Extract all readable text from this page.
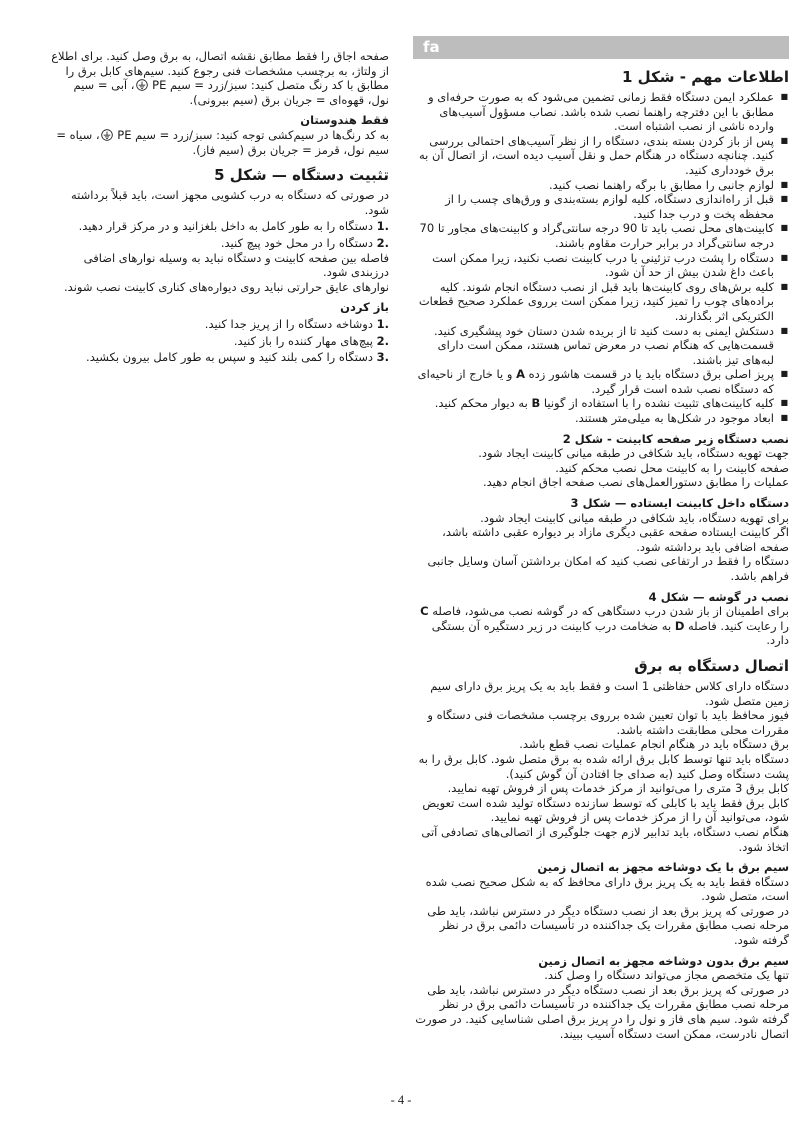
fa
اطلاعات مهم - شکل 1
■
عملکرد ایمن دستگاه فقط زمانی تضمین می‌شود که به صورت حرفه‌ای و مطابق با این دفترچه راهنما نصب شده باشد. نصاب مسؤول آسیب‌های وارده ناشی از نصب اشتباه است.
■
پس از باز کردن بسته بندی، دستگاه را از نظر آسیب‌های احتمالی بررسی کنید. چنانچه دستگاه در هنگام حمل و نقل آسیب دیده است، از اتصال آن به برق خودداری کنید.
■
لوازم جانبی را مطابق با برگه راهنما نصب کنید.
■
قبل از راه‌اندازی دستگاه، کلیه لوازم بسته‌بندی و ورق‌های چسب را از محفظه پخت و درب جدا کنید.
■
کابینت‌های محل نصب باید تا 90 درجه سانتی‌گراد و کابینت‌های مجاور تا 70 درجه سانتی‌گراد در برابر حرارت مقاوم باشند.
■
دستگاه را پشت درب تزئینی یا درب کابینت نصب نکنید، زیرا ممکن است باعث داغ شدن بیش از حد آن شود.
■
کلیه برش‌های روی کابینت‌ها باید قبل از نصب دستگاه انجام شوند. کلیه براده‌های چوب را تمیز کنید، زیرا ممکن است برروی عملکرد صحیح قطعات الکتریکی اثر بگذارند.
■
دستکش ایمنی به دست کنید تا از بریده شدن دستان خود پیشگیری کنید. قسمت‌هایی که هنگام نصب در معرض تماس هستند، ممکن است دارای لبه‌های تیز باشند.
■
پریز اصلی برق دستگاه باید یا در قسمت هاشور زده A و یا خارج از ناحیه‌ای که دستگاه نصب شده است قرار گیرد.
■
کلیه کابینت‌های تثبیت نشده را با استفاده از گونیا B به دیوار محکم کنید.
■
ابعاد موجود در شکل‌ها به میلی‌متر هستند.
نصب دستگاه زیر صفحه کابینت - شکل 2
جهت تهویه دستگاه، باید شکافی در طبقه میانی کابینت ایجاد شود.
صفحه کابینت را به کابینت محل نصب محکم کنید.
عملیات را مطابق دستورالعمل‌های نصب صفحه اجاق انجام دهید.
دستگاه داخل کابینت ایستاده — شکل 3
برای تهویه دستگاه، باید شکافی در طبقه میانی کابینت ایجاد شود.
اگر کابینت ایستاده صفحه عقبی دیگری مازاد بر دیواره عقبی داشته باشد، صفحه اضافی باید برداشته شود.
دستگاه را فقط در ارتفاعی نصب کنید که امکان برداشتن آسان وسایل جانبی فراهم باشد.
نصب در گوشه — شکل 4
برای اطمینان از باز شدن درب دستگاهی که در گوشه نصب می‌شود، فاصله C را رعایت کنید. فاصله D به ضخامت درب کابینت در زیر دستگیره آن بستگی دارد.
اتصال دستگاه به برق
دستگاه دارای کلاس حفاظتی 1 است و فقط باید به یک پریز برق دارای سیم زمین متصل شود.
فیوز محافظ باید با توان تعیین شده برروی برچسب مشخصات فنی دستگاه و مقررات محلی مطابقت داشته باشد.
برق دستگاه باید در هنگام انجام عملیات نصب قطع باشد.
دستگاه باید تنها توسط کابل برق ارائه شده به برق متصل شود. کابل برق را به پشت دستگاه وصل کنید (به صدای جا افتادن آن گوش کنید).
کابل برق 3 متری را می‌توانید از مرکز خدمات پس از فروش تهیه نمایید.
کابل برق فقط باید با کابلی که توسط سازنده دستگاه تولید شده است تعویض شود، می‌توانید آن را از مرکز خدمات پس از فروش تهیه نمایید.
هنگام نصب دستگاه، باید تدابیر لازم جهت جلوگیری از اتصالی‌های تصادفی آتی اتخاذ شود.
سیم برق با یک دوشاخه مجهز به اتصال زمین
دستگاه فقط باید به یک پریز برق دارای محافظ که به شکل صحیح نصب شده است، متصل شود.
در صورتی که پریز برق بعد از نصب دستگاه دیگر در دسترس نباشد، باید طی مرحله نصب مطابق مقررات یک جداکننده در تأسیسات دائمی برق در نظر گرفته شود.
سیم برق بدون دوشاخه مجهز به اتصال زمین
تنها یک متخصص مجاز می‌تواند دستگاه را وصل کند.
در صورتی که پریز برق بعد از نصب دستگاه دیگر در دسترس نباشد، باید طی مرحله نصب مطابق مقررات یک جداکننده در تأسیسات دائمی برق در نظر گرفته شود. سیم های فاز و نول را در پریز برق اصلی شناسایی کنید. در صورت اتصال نادرست، ممکن است دستگاه آسیب ببیند.
صفحه اجاق را فقط مطابق نقشه اتصال، به برق وصل کنید. برای اطلاع از ولتاژ، به برچسب مشخصات فنی رجوع کنید. سیم‌های کابل برق را مطابق با کد رنگ متصل کنید: سبز/زرد = سیم PE ، آبی = سیم نول، قهوه‌ای = جریان برق (سیم بیرونی).
فقط هندوستان
به کد رنگ‌ها در سیم‌کشی توجه کنید: سبز/زرد = سیم PE ، سیاه = سیم نول، قرمز = جریان برق (سیم فاز).
تثبیت دستگاه — شکل 5
در صورتی که دستگاه به درب کشویی مجهز است، باید قبلاً برداشته شود.
1. دستگاه را به طور کامل به داخل بلغزانید و در مرکز قرار دهید.
2. دستگاه را در محل خود پیچ کنید.
فاصله بین صفحه کابینت و دستگاه نباید به وسیله نوارهای اضافی درزبندی شود.
نوارهای عایق حرارتی نباید روی دیواره‌های کناری کابینت نصب شوند.
باز کردن
1. دوشاخه دستگاه را از پریز جدا کنید.
2. پیچ‌های مهار کننده را باز کنید.
3. دستگاه را کمی بلند کنید و سپس به طور کامل بیرون بکشید.
- 4 -
